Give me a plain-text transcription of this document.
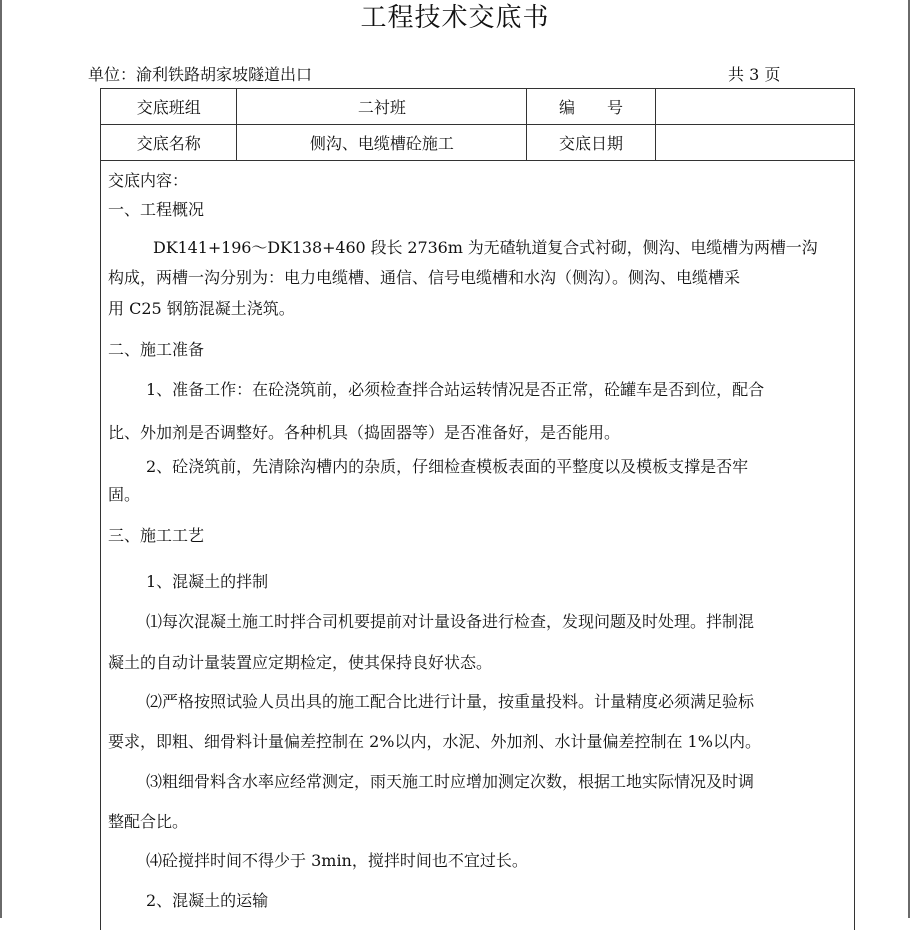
工程技术交底书
单位：渝利铁路胡家坡隧道出口	共 3 页
交底班组	二衬班	编　　号	
交底名称	侧沟、电缆槽砼施工	交底日期	
交底内容：
一、工程概况
DK141+196～DK138+460 段长 2736m 为无碴轨道复合式衬砌，侧沟、电缆槽为两槽一沟
构成，两槽一沟分别为：电力电缆槽、通信、信号电缆槽和水沟（侧沟）。侧沟、电缆槽采
用 C25 钢筋混凝土浇筑。
二、施工准备
1、准备工作：在砼浇筑前，必须检查拌合站运转情况是否正常，砼罐车是否到位，配合
比、外加剂是否调整好。各种机具（捣固器等）是否准备好，是否能用。
2、砼浇筑前，先清除沟槽内的杂质，仔细检查模板表面的平整度以及模板支撑是否牢
固。
三、施工工艺
1、混凝土的拌制
⑴每次混凝土施工时拌合司机要提前对计量设备进行检查，发现问题及时处理。拌制混
凝土的自动计量装置应定期检定，使其保持良好状态。
⑵严格按照试验人员出具的施工配合比进行计量，按重量投料。计量精度必须满足验标
要求，即粗、细骨料计量偏差控制在 2%以内，水泥、外加剂、水计量偏差控制在 1%以内。
⑶粗细骨料含水率应经常测定，雨天施工时应增加测定次数，根据工地实际情况及时调
整配合比。
⑷砼搅拌时间不得少于 3min，搅拌时间也不宜过长。
2、混凝土的运输
